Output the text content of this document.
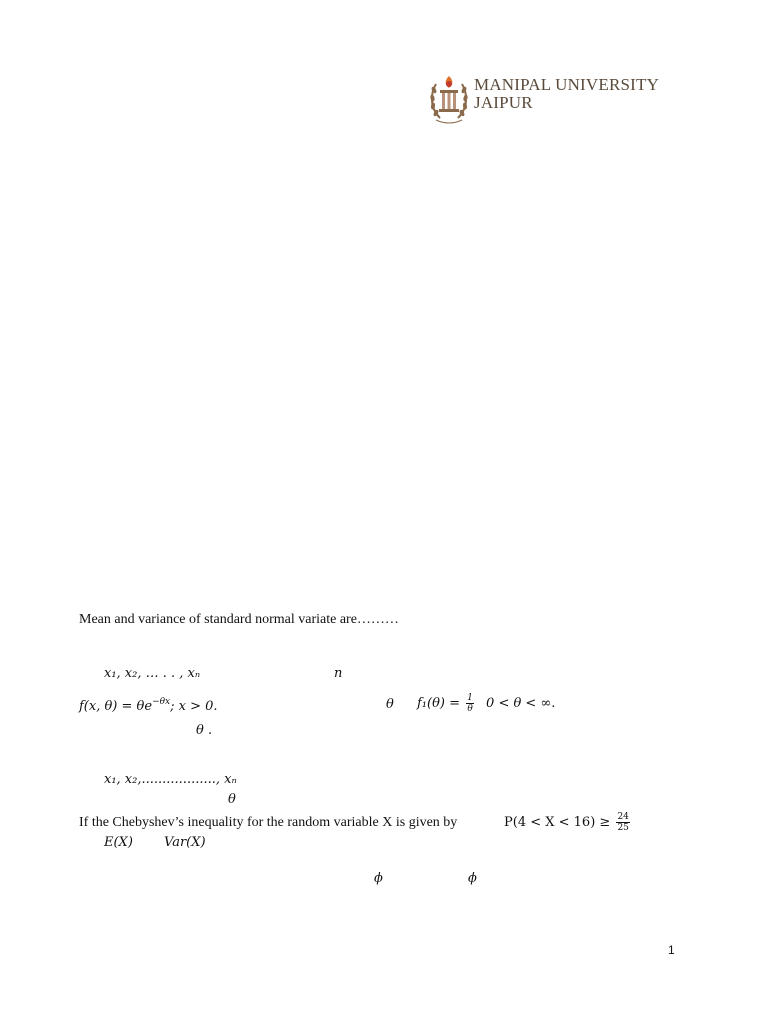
MANIPAL UNIVERSITY
JAIPUR
Mean and variance of standard normal variate are………
x₁, x₂, … . . , xₙ	n
f(x, $\theta) = \theta e^{-\theta x}$; x > 0.	θ $f_1(\theta) = \frac{1}{\theta} 0 < \theta$ < ∞.
θ .
x₁, x₂,.................., xₙ
θ
If the Chebyshev’s inequality for the random variable X is given by	$P(4 < X < 16) \ge \frac{24}{25}$
E(X) Var(X)
ϕ	ϕ
1
